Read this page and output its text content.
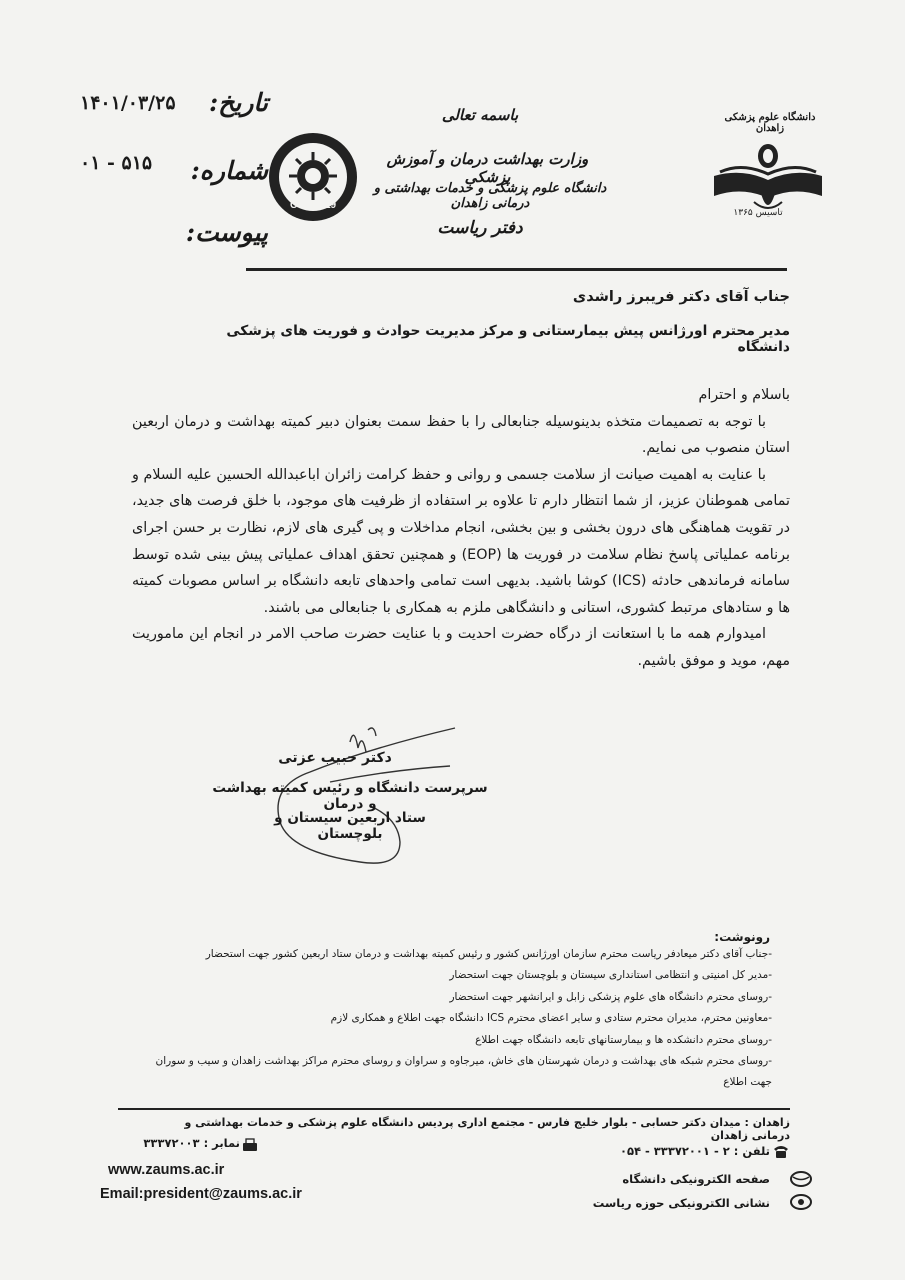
۱۴۰۱/۰۳/۲۵	تاریخ:
۰۱ - ۵۱۵ شماره:
پیوست:
COVID-19
باسمه تعالی
وزارت بهداشت درمان و آموزش پزشکی
دانشگاه علوم پزشکی و خدمات بهداشتی و درمانی زاهدان
دفتر ریاست
دانشگاه علوم پزشکی زاهدان
تاسیس ۱۳۶۵
جناب آقای دکتر فریبرز راشدی
مدیر محترم اورژانس پیش بیمارستانی و مرکز مدیریت حوادث و فوریت های پزشکی دانشگاه

باسلام و احترام

با توجه به تصمیمات متخذه بدینوسیله جنابعالی را با حفظ سمت بعنوان دبیر کمیته بهداشت و درمان اربعین استان منصوب می نمایم.

با عنایت به اهمیت صیانت از سلامت جسمی و روانی و حفظ کرامت زائران اباعبدالله الحسین علیه السلام و تمامی هموطنان عزیز، از شما انتظار دارم تا علاوه بر استفاده از ظرفیت های موجود، با خلق فرصت های جدید، در تقویت هماهنگی های درون بخشی و بین بخشی، انجام مداخلات و پی گیری های لازم، نظارت بر حسن اجرای برنامه عملیاتی پاسخ نظام سلامت در فوریت ها (EOP) و همچنین تحقق اهداف عملیاتی پیش بینی شده توسط سامانه فرماندهی حادثه (ICS) کوشا باشید. بدیهی است تمامی واحدهای تابعه دانشگاه بر اساس مصوبات کمیته ها و ستادهای مرتبط کشوری، استانی و دانشگاهی ملزم به همکاری با جنابعالی می باشند.

امیدوارم همه ما با استعانت از درگاه حضرت احدیت و با عنایت حضرت صاحب الامر در انجام این ماموریت مهم، موید و موفق باشیم.

دکتر حبیب عزتی
سرپرست دانشگاه و رئیس کمیته بهداشت و درمان
ستاد اربعین سیستان و بلوچستان
رونوشت:
-جناب آقای دکتر میعادفر ریاست محترم سازمان اورژانس کشور و رئیس کمیته بهداشت و درمان ستاد اربعین کشور جهت استحضار
-مدیر کل امنیتی و انتظامی استانداری سیستان و بلوچستان جهت استحضار
-روسای محترم دانشگاه های علوم پزشکی زابل و ایرانشهر جهت استحضار
-معاونین محترم، مدیران محترم ستادی و سایر اعضای محترم ICS دانشگاه جهت اطلاع و همکاری لازم
-روسای محترم دانشکده ها و بیمارستانهای تابعه دانشگاه جهت اطلاع
-روسای محترم شبکه های بهداشت و درمان شهرستان های خاش، میرجاوه و سراوان و روسای محترم مراکز بهداشت زاهدان و سیب و سوران
جهت اطلاع
زاهدان : میدان دکتر حسابی - بلوار خلیج فارس - مجتمع اداری پردیس دانشگاه علوم پزشکی و خدمات بهداشتی و درمانی زاهدان
تلفن : ۲ - ۳۳۳۷۲۰۰۱ - ۰۵۴
نمابر : ۳۳۳۷۲۰۰۳
www.zaums.ac.ir
Email:president@zaums.ac.ir
صفحه الکترونیکی دانشگاه
نشانی الکترونیکی حوزه ریاست
